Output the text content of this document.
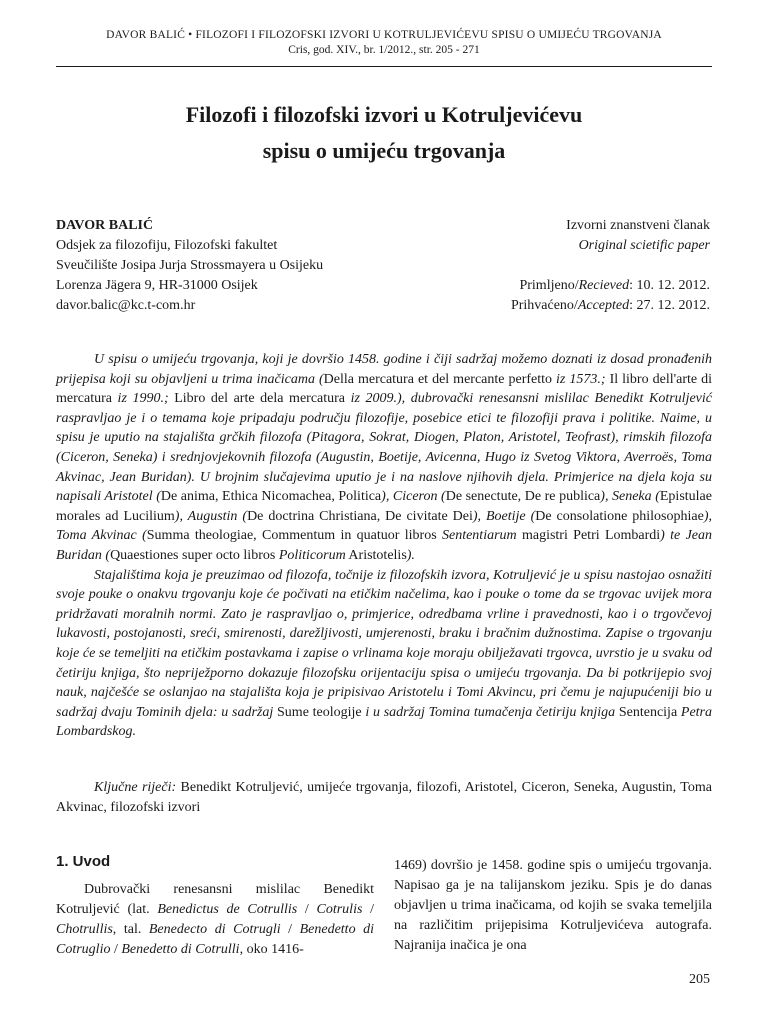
DAVOR BALIĆ • FILOZOFI I FILOZOFSKI IZVORI U KOTRULJEVIĆEVU SPISU O UMIJEĆU TRGOVANJA
Cris, god. XIV., br. 1/2012., str. 205 - 271
Filozofi i filozofski izvori u Kotruljevićevu
spisu o umijeću trgovanja
DAVOR BALIĆ
Odsjek za filozofiju, Filozofski fakultet
Sveučilište Josipa Jurja Strossmayera u Osijeku
Lorenza Jägera 9, HR-31000 Osijek
davor.balic@kc.t-com.hr
Izvorni znanstveni članak
Original scietific paper
Primljeno/Recieved: 10. 12. 2012.
Prihvaćeno/Accepted: 27. 12. 2012.

U spisu o umijeću trgovanja, koji je dovršio 1458. godine i čiji sadržaj možemo doznati iz dosad pronađenih prijepisa koji su objavljeni u trima inačicama (Della mercatura et del mercante perfetto iz 1573.; Il libro dell'arte di mercatura iz 1990.; Libro del arte dela mercatura iz 2009.), dubrovački renesansni mislilac Benedikt Kotruljević raspravljao je i o temama koje pripadaju području filozofije, posebice etici te filozofiji prava i politike. Naime, u spisu je uputio na stajališta grčkih filozofa (Pitagora, Sokrat, Diogen, Platon, Aristotel, Teofrast), rimskih filozofa (Ciceron, Seneka) i srednjovjekovnih filozofa (Augustin, Boetije, Avicenna, Hugo iz Svetog Viktora, Averroës, Toma Akvinac, Jean Buridan). U brojnim slučajevima uputio je i na naslove njihovih djela. Primjerice na djela koja su napisali Aristotel (De anima, Ethica Nicomachea, Politica), Ciceron (De senectute, De re publica), Seneka (Epistulae morales ad Lucilium), Augustin (De doctrina Christiana, De civitate Dei), Boetije (De consolatione philosophiae), Toma Akvinac (Summa theologiae, Commentum in quatuor libros Sententiarum magistri Petri Lombardi) te Jean Buridan (Quaestiones super octo libros Politicorum Aristotelis).

Stajalištima koja je preuzimao od filozofa, točnije iz filozofskih izvora, Kotruljević je u spisu nastojao osnažiti svoje pouke o onakvu trgovanju koje će počivati na etičkim načelima, kao i pouke o tome da se trgovac uvijek mora pridržavati moralnih normi. Zato je raspravljao o, primjerice, odredbama vrline i pravednosti, kao i o trgovčevoj lukavosti, postojanosti, sreći, smirenosti, darežljivosti, umjerenosti, braku i bračnim dužnostima. Zapise o trgovanju koje će se temeljiti na etičkim postavkama i zapise o vrlinama koje moraju obilježavati trgovca, uvrstio je u svaku od četiriju knjiga, što nepriježporno dokazuje filozofsku orijentaciju spisa o umijeću trgovanja. Da bi potkrijepio svoj nauk, najčešće se oslanjao na stajališta koja je pripisivao Aristotelu i Tomi Akvincu, pri čemu je najupućeniji bio u sadržaj dvaju Tominih djela: u sadržaj Sume teologije i u sadržaj Tomina tumačenja četiriju knjiga Sentencija Petra Lombardskog.

Ključne riječi: Benedikt Kotruljević, umijeće trgovanja, filozofi, Aristotel, Ciceron, Seneka, Augustin, Toma Akvinac, filozofski izvori
1. Uvod

Dubrovački renesansni mislilac Benedikt Kotruljević (lat. Benedictus de Cotrullis / Cotrulis / Chotrullis, tal. Benedecto di Cotrugli / Benedetto di Cotruglio / Benedetto di Cotrulli, oko 1416-

1469) dovršio je 1458. godine spis o umijeću trgovanja. Napisao ga je na talijanskom jeziku. Spis je do danas objavljen u trima inačicama, od kojih se svaka temeljila na različitim prijepisima Kotruljevićeva autografa. Najranija inačica je ona

205
